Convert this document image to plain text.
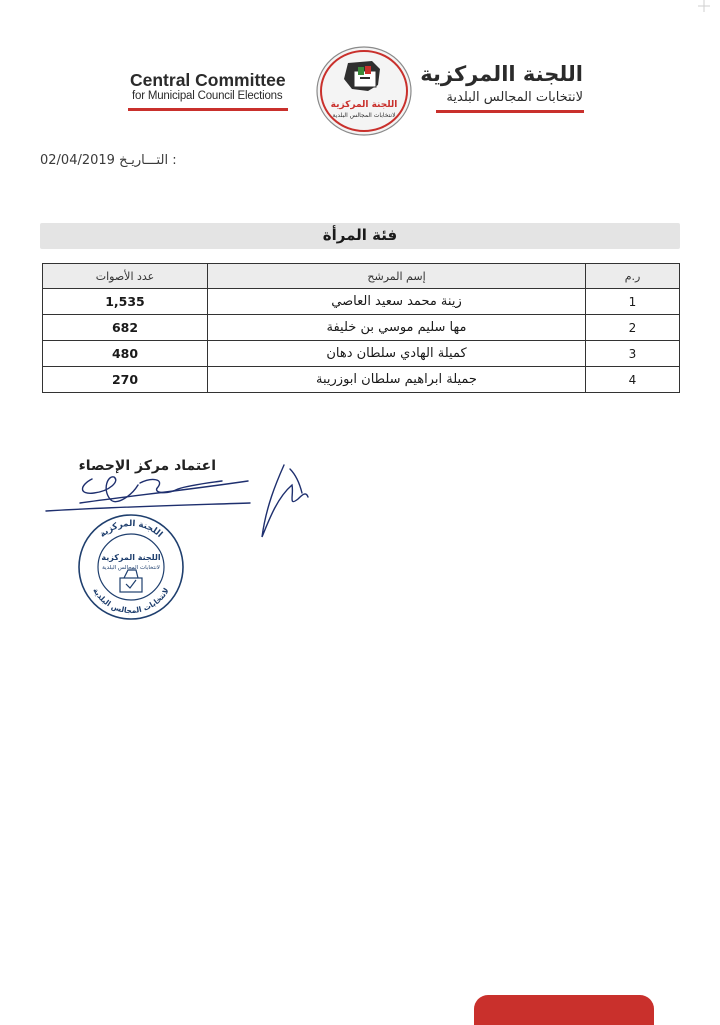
Central Committee
for Municipal Council Elections
اللجنة المركزية
لانتخابات المجالس البلدية
اللجنة االمركزية
لانتخابات المجالس البلدية
02/04/2019 التـــاريـخ :
فئة المرأة
عدد الأصوات	إسم المرشح	ر.م
1,535	زينة محمد سعيد العاصي	1
682	مها سليم موسي بن خليفة	2
480	كميلة الهادي سلطان دهان	3
270	جميلة ابراهيم سلطان ابوزريبة	4
اعتماد مركز الإحصاء
اللجنة المركزية
لانتخابات المجالس البلدية
اللجنة المركزية
لانتخابات المجالس البلدية
